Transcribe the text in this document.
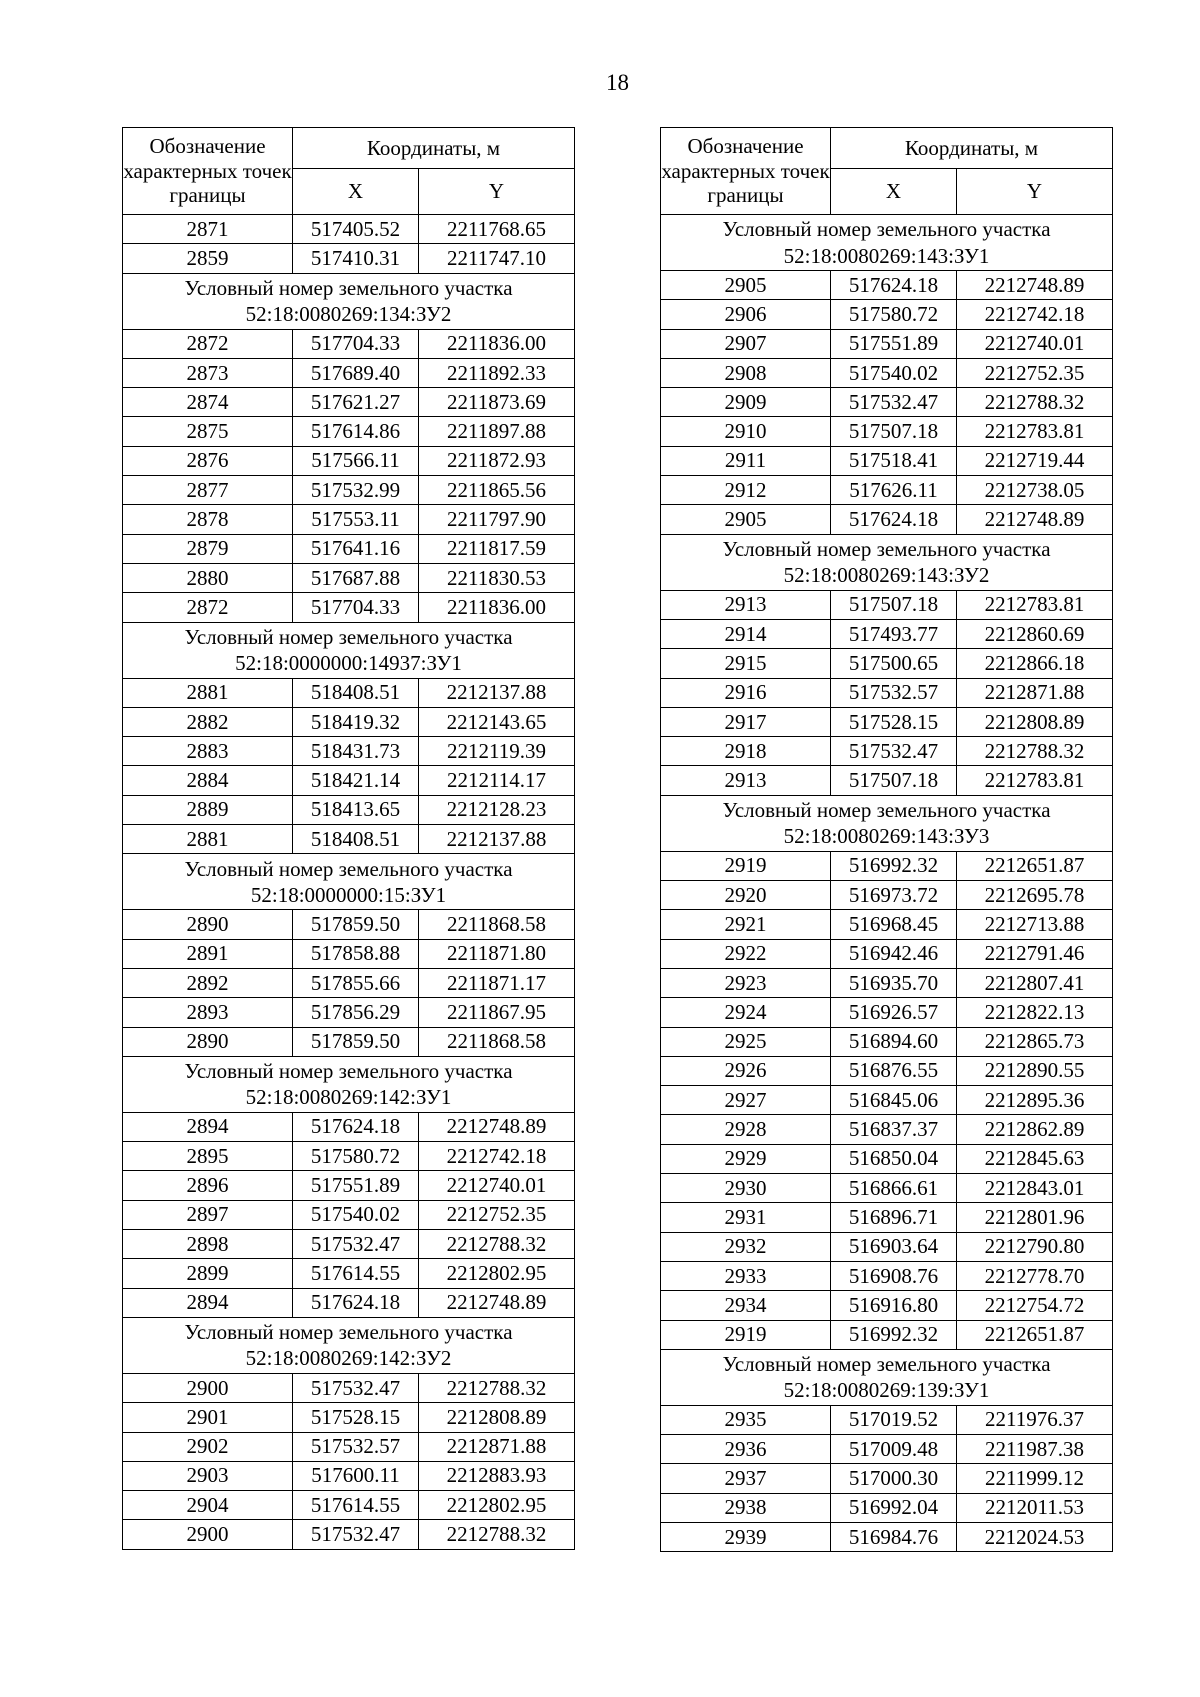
18
Обозначение характерных точек границы	Координаты, м	
	X	Y
2871	517405.52	2211768.65
2859	517410.31	2211747.10

Условный номер земельного участка
52:18:0080269:134:ЗУ2		

2872	517704.33	2211836.00
2873	517689.40	2211892.33
2874	517621.27	2211873.69
2875	517614.86	2211897.88
2876	517566.11	2211872.93
2877	517532.99	2211865.56
2878	517553.11	2211797.90
2879	517641.16	2211817.59
2880	517687.88	2211830.53
2872	517704.33	2211836.00

Условный номер земельного участка
52:18:0000000:14937:ЗУ1		

2881	518408.51	2212137.88
2882	518419.32	2212143.65
2883	518431.73	2212119.39
2884	518421.14	2212114.17
2889	518413.65	2212128.23
2881	518408.51	2212137.88

Условный номер земельного участка
52:18:0000000:15:ЗУ1		

2890	517859.50	2211868.58
2891	517858.88	2211871.80
2892	517855.66	2211871.17
2893	517856.29	2211867.95
2890	517859.50	2211868.58

Условный номер земельного участка
52:18:0080269:142:ЗУ1		

2894	517624.18	2212748.89
2895	517580.72	2212742.18
2896	517551.89	2212740.01
2897	517540.02	2212752.35
2898	517532.47	2212788.32
2899	517614.55	2212802.95
2894	517624.18	2212748.89

Условный номер земельного участка
52:18:0080269:142:ЗУ2		

2900	517532.47	2212788.32
2901	517528.15	2212808.89
2902	517532.57	2212871.88
2903	517600.11	2212883.93
2904	517614.55	2212802.95
2900	517532.47	2212788.32
Обозначение характерных точек границы	Координаты, м	
	X	Y

Условный номер земельного участка
52:18:0080269:143:ЗУ1		

2905	517624.18	2212748.89
2906	517580.72	2212742.18
2907	517551.89	2212740.01
2908	517540.02	2212752.35
2909	517532.47	2212788.32
2910	517507.18	2212783.81
2911	517518.41	2212719.44
2912	517626.11	2212738.05
2905	517624.18	2212748.89

Условный номер земельного участка
52:18:0080269:143:ЗУ2		

2913	517507.18	2212783.81
2914	517493.77	2212860.69
2915	517500.65	2212866.18
2916	517532.57	2212871.88
2917	517528.15	2212808.89
2918	517532.47	2212788.32
2913	517507.18	2212783.81

Условный номер земельного участка
52:18:0080269:143:ЗУ3		

2919	516992.32	2212651.87
2920	516973.72	2212695.78
2921	516968.45	2212713.88
2922	516942.46	2212791.46
2923	516935.70	2212807.41
2924	516926.57	2212822.13
2925	516894.60	2212865.73
2926	516876.55	2212890.55
2927	516845.06	2212895.36
2928	516837.37	2212862.89
2929	516850.04	2212845.63
2930	516866.61	2212843.01
2931	516896.71	2212801.96
2932	516903.64	2212790.80
2933	516908.76	2212778.70
2934	516916.80	2212754.72
2919	516992.32	2212651.87

Условный номер земельного участка
52:18:0080269:139:ЗУ1		

2935	517019.52	2211976.37
2936	517009.48	2211987.38
2937	517000.30	2211999.12
2938	516992.04	2212011.53
2939	516984.76	2212024.53
